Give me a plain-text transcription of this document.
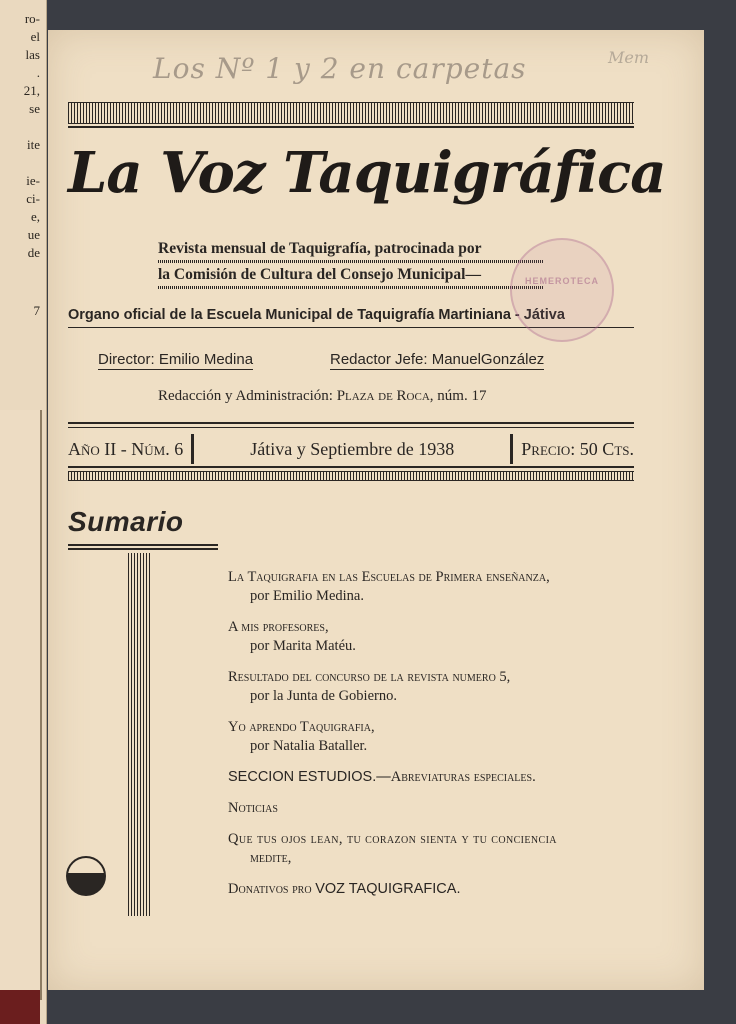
ro-
el
las
.
21,
se
ite
ie-
ci-
e,
ue
de
7
Los Nº 1 y 2 en carpetas	Mem
La Voz Taquigráfica
Revista mensual de Taquigrafía, patrocinada por
la Comisión de Cultura del Consejo Municipal—
Organo oficial de la Escuela Municipal de Taquigrafía Martiniana - Játiva
Director: Emilio Medina	Redactor Jefe: ManuelGonzález
Redacción y Administración: Plaza de Roca, núm. 17
Año II - Núm. 6	Játiva y Septiembre de 1938	Precio: 50 Cts.
HEMEROTECA
Sumario
La Taquigrafia en las Escuelas de Primera enseñanza,
por Emilio Medina.
A mis profesores,
por Marita Matéu.
Resultado del concurso de la revista numero 5,
por la Junta de Gobierno.
Yo aprendo Taquigrafia,
por Natalia Bataller.
SECCION ESTUDIOS.—Abreviaturas especiales.
Noticias
Que tus ojos lean, tu corazon sienta y tu conciencia
medite,
Donativos pro VOZ TAQUIGRAFICA.
